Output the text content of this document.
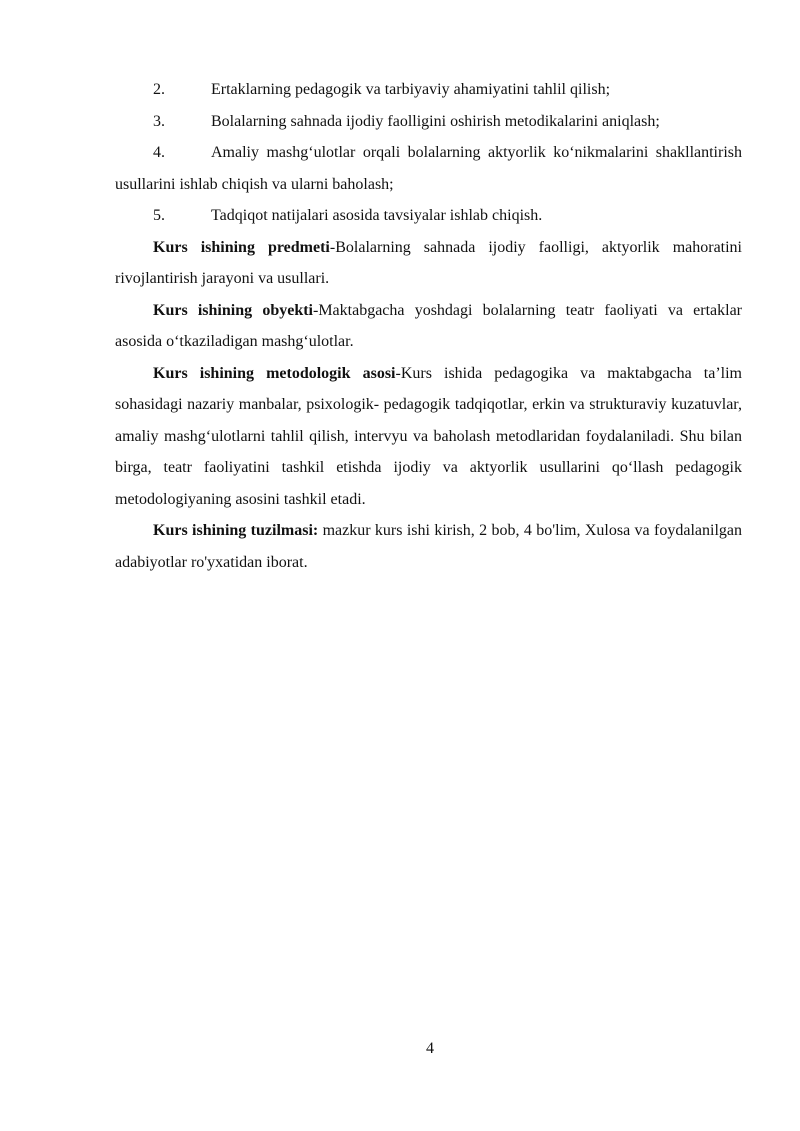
2.	Ertaklarning pedagogik va tarbiyaviy ahamiyatini tahlil qilish;
3.	Bolalarning sahnada ijodiy faolligini oshirish metodikalarini aniqlash;
4.	Amaliy mashg‘ulotlar orqali bolalarning aktyorlik ko‘nikmalarini shakllantirish usullarini ishlab chiqish va ularni baholash;
5.	Tadqiqot natijalari asosida tavsiyalar ishlab chiqish.

Kurs ishining predmeti-Bolalarning sahnada ijodiy faolligi, aktyorlik mahoratini rivojlantirish jarayoni va usullari.

Kurs ishining obyekti-Maktabgacha yoshdagi bolalarning teatr faoliyati va ertaklar asosida o‘tkaziladigan mashg‘ulotlar.

Kurs ishining metodologik asosi-Kurs ishida pedagogika va maktabgacha ta’lim sohasidagi nazariy manbalar, psixologik- pedagogik tadqiqotlar, erkin va strukturaviy kuzatuvlar, amaliy mashg‘ulotlarni tahlil qilish, intervyu va baholash metodlaridan foydalaniladi. Shu bilan birga, teatr faoliyatini tashkil etishda ijodiy va aktyorlik usullarini qo‘llash pedagogik metodologiyaning asosini tashkil etadi.

Kurs ishining tuzilmasi: mazkur kurs ishi kirish, 2 bob, 4 bo'lim, Xulosa va foydalanilgan adabiyotlar ro'yxatidan iborat.

4
